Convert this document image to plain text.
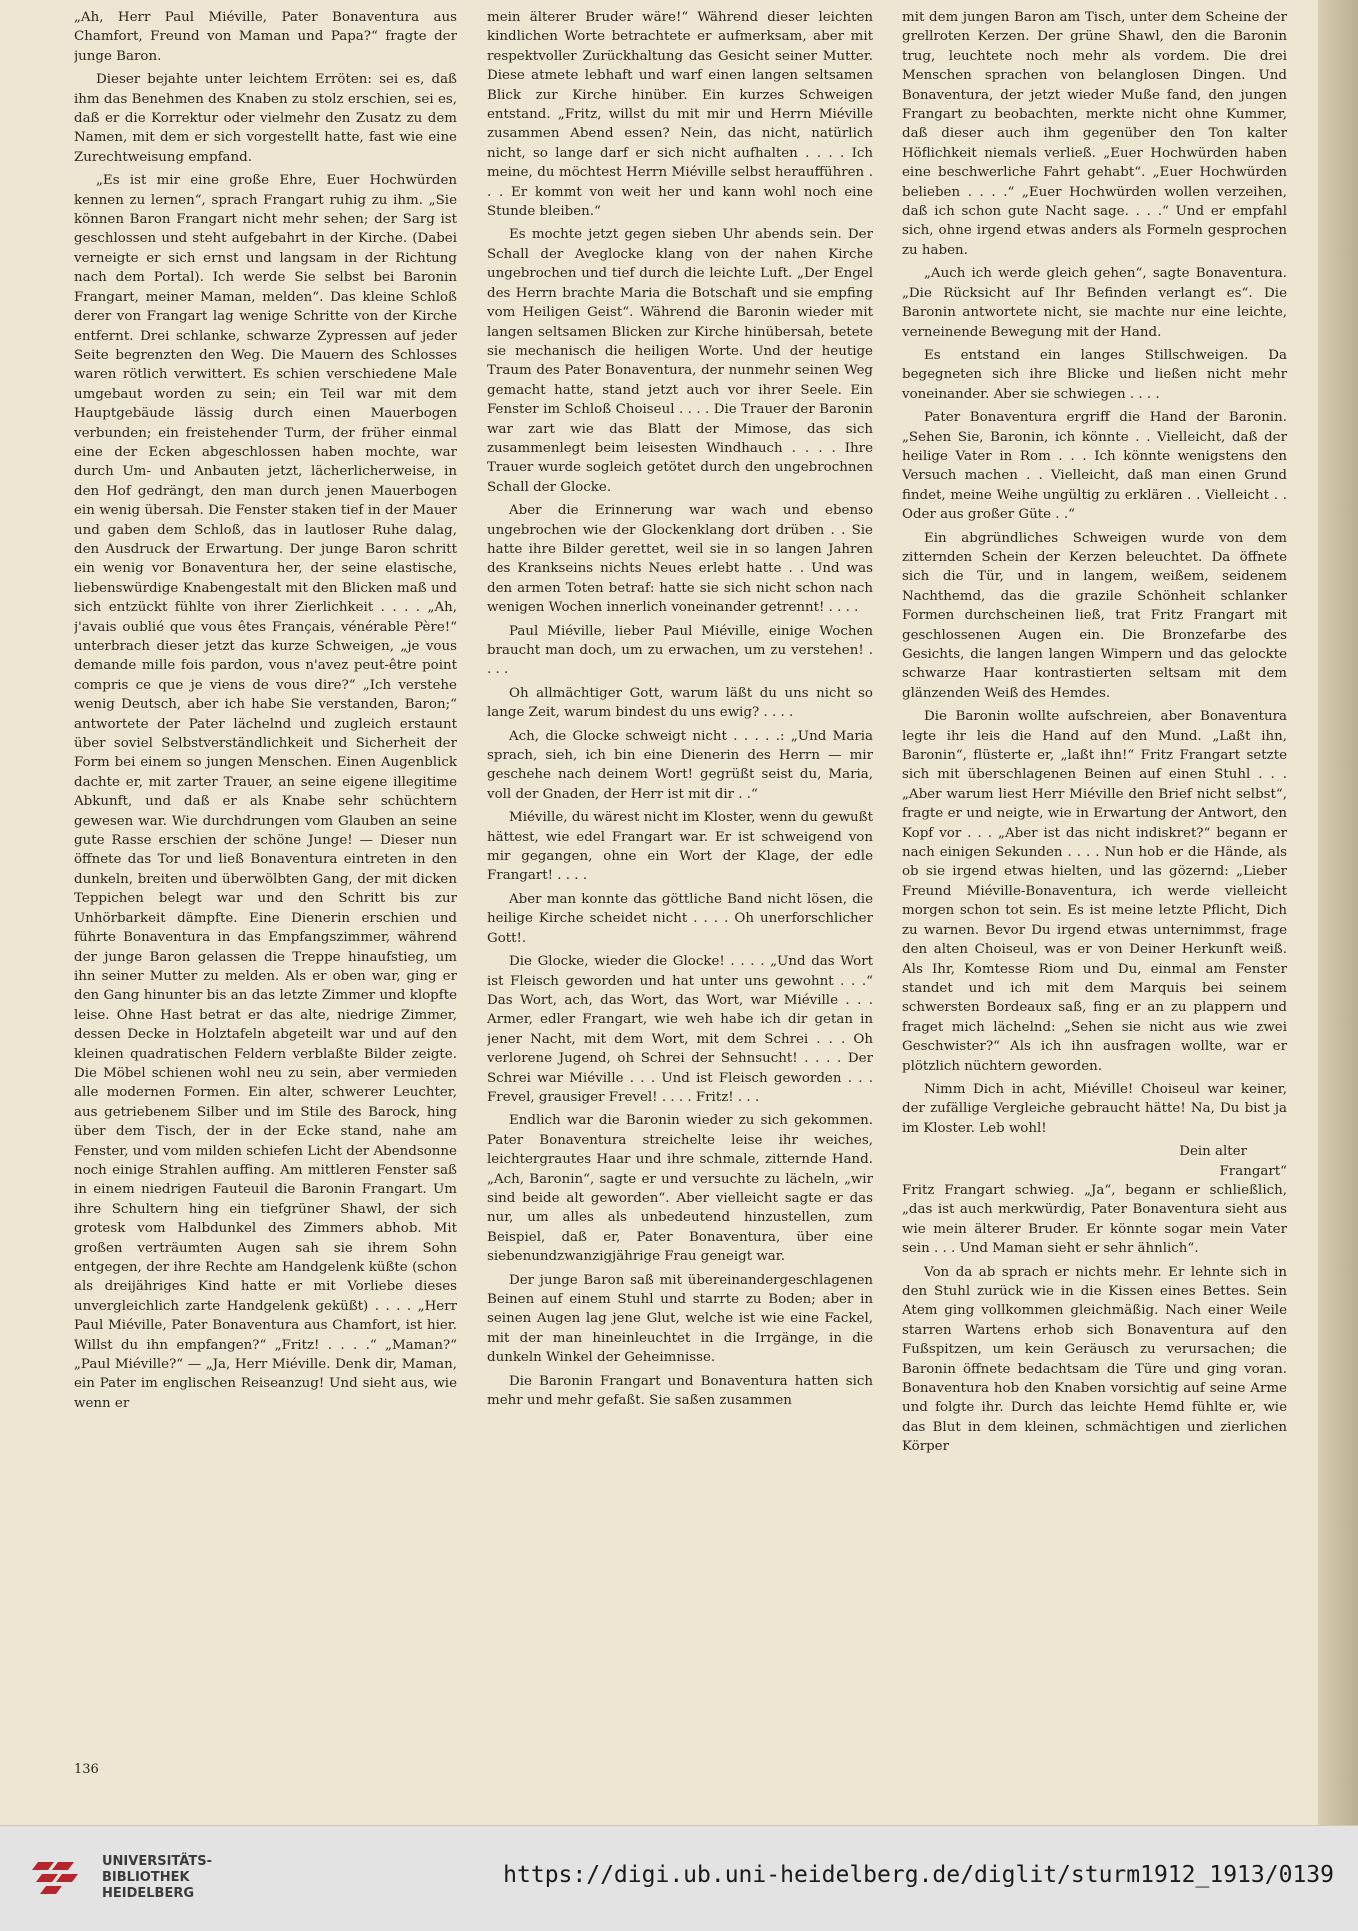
„Ah, Herr Paul Miéville, Pater Bonaventura aus Chamfort, Freund von Maman und Papa?“ fragte der junge Baron.

Dieser bejahte unter leichtem Erröten: sei es, daß ihm das Benehmen des Knaben zu stolz erschien, sei es, daß er die Korrektur oder vielmehr den Zusatz zu dem Namen, mit dem er sich vorgestellt hatte, fast wie eine Zurechtweisung empfand.

„Es ist mir eine große Ehre, Euer Hochwürden kennen zu lernen“, sprach Frangart ruhig zu ihm. „Sie können Baron Frangart nicht mehr sehen; der Sarg ist geschlossen und steht aufgebahrt in der Kirche. (Dabei verneigte er sich ernst und langsam in der Richtung nach dem Portal). Ich werde Sie selbst bei Baronin Frangart, meiner Maman, melden“. Das kleine Schloß derer von Frangart lag wenige Schritte von der Kirche entfernt. Drei schlanke, schwarze Zypressen auf jeder Seite begrenzten den Weg. Die Mauern des Schlosses waren rötlich verwittert. Es schien verschiedene Male umgebaut worden zu sein; ein Teil war mit dem Hauptgebäude lässig durch einen Mauerbogen verbunden; ein freistehender Turm, der früher einmal eine der Ecken abgeschlossen haben mochte, war durch Um- und Anbauten jetzt, lächerlicherweise, in den Hof gedrängt, den man durch jenen Mauerbogen ein wenig übersah. Die Fenster staken tief in der Mauer und gaben dem Schloß, das in lautloser Ruhe dalag, den Ausdruck der Erwartung. Der junge Baron schritt ein wenig vor Bonaventura her, der seine elastische, liebenswürdige Knabengestalt mit den Blicken maß und sich entzückt fühlte von ihrer Zierlichkeit . . . . „Ah, j'avais oublié que vous êtes Français, vénérable Père!“ unterbrach dieser jetzt das kurze Schweigen, „je vous demande mille fois pardon, vous n'avez peut-être point compris ce que je viens de vous dire?“ „Ich verstehe wenig Deutsch, aber ich habe Sie verstanden, Baron;“ antwortete der Pater lächelnd und zugleich erstaunt über soviel Selbstverständlichkeit und Sicherheit der Form bei einem so jungen Menschen. Einen Augenblick dachte er, mit zarter Trauer, an seine eigene illegitime Abkunft, und daß er als Knabe sehr schüchtern gewesen war. Wie durchdrungen vom Glauben an seine gute Rasse erschien der schöne Junge! — Dieser nun öffnete das Tor und ließ Bonaventura eintreten in den dunkeln, breiten und überwölbten Gang, der mit dicken Teppichen belegt war und den Schritt bis zur Unhörbarkeit dämpfte. Eine Dienerin erschien und führte Bonaventura in das Empfangszimmer, während der junge Baron gelassen die Treppe hinaufstieg, um ihn seiner Mutter zu melden. Als er oben war, ging er den Gang hinunter bis an das letzte Zimmer und klopfte leise. Ohne Hast betrat er das alte, niedrige Zimmer, dessen Decke in Holztafeln abgeteilt war und auf den kleinen quadratischen Feldern verblaßte Bilder zeigte. Die Möbel schienen wohl neu zu sein, aber vermieden alle modernen Formen. Ein alter, schwerer Leuchter, aus getriebenem Silber und im Stile des Barock, hing über dem Tisch, der in der Ecke stand, nahe am Fenster, und vom milden schiefen Licht der Abendsonne noch einige Strahlen auffing. Am mittleren Fenster saß in einem niedrigen Fauteuil die Baronin Frangart. Um ihre Schultern hing ein tiefgrüner Shawl, der sich grotesk vom Halbdunkel des Zimmers abhob. Mit großen verträumten Augen sah sie ihrem Sohn entgegen, der ihre Rechte am Handgelenk küßte (schon als dreijähriges Kind hatte er mit Vorliebe dieses unvergleichlich zarte Handgelenk geküßt) . . . . „Herr Paul Miéville, Pater Bonaventura aus Chamfort, ist hier. Willst du ihn empfangen?“ „Fritz! . . . .“ „Maman?“ „Paul Miéville?“ — „Ja, Herr Miéville. Denk dir, Maman, ein Pater im englischen Reiseanzug! Und sieht aus, wie wenn er

mein älterer Bruder wäre!“ Während dieser leichten kindlichen Worte betrachtete er aufmerksam, aber mit respektvoller Zurückhaltung das Gesicht seiner Mutter. Diese atmete lebhaft und warf einen langen seltsamen Blick zur Kirche hinüber. Ein kurzes Schweigen entstand. „Fritz, willst du mit mir und Herrn Miéville zusammen Abend essen? Nein, das nicht, natürlich nicht, so lange darf er sich nicht aufhalten . . . . Ich meine, du möchtest Herrn Miéville selbst heraufführen . . . Er kommt von weit her und kann wohl noch eine Stunde bleiben.“

Es mochte jetzt gegen sieben Uhr abends sein. Der Schall der Aveglocke klang von der nahen Kirche ungebrochen und tief durch die leichte Luft. „Der Engel des Herrn brachte Maria die Botschaft und sie empfing vom Heiligen Geist“. Während die Baronin wieder mit langen seltsamen Blicken zur Kirche hinübersah, betete sie mechanisch die heiligen Worte. Und der heutige Traum des Pater Bonaventura, der nunmehr seinen Weg gemacht hatte, stand jetzt auch vor ihrer Seele. Ein Fenster im Schloß Choiseul . . . . Die Trauer der Baronin war zart wie das Blatt der Mimose, das sich zusammenlegt beim leisesten Windhauch . . . . Ihre Trauer wurde sogleich getötet durch den ungebrochnen Schall der Glocke.

Aber die Erinnerung war wach und ebenso ungebrochen wie der Glockenklang dort drüben . . Sie hatte ihre Bilder gerettet, weil sie in so langen Jahren des Krankseins nichts Neues erlebt hatte . . Und was den armen Toten betraf: hatte sie sich nicht schon nach wenigen Wochen innerlich voneinander getrennt! . . . .

Paul Miéville, lieber Paul Miéville, einige Wochen braucht man doch, um zu erwachen, um zu verstehen! . . . .

Oh allmächtiger Gott, warum läßt du uns nicht so lange Zeit, warum bindest du uns ewig? . . . .

Ach, die Glocke schweigt nicht . . . . .: „Und Maria sprach, sieh, ich bin eine Dienerin des Herrn — mir geschehe nach deinem Wort! gegrüßt seist du, Maria, voll der Gnaden, der Herr ist mit dir . .“

Miéville, du wärest nicht im Kloster, wenn du gewußt hättest, wie edel Frangart war. Er ist schweigend von mir gegangen, ohne ein Wort der Klage, der edle Frangart! . . . .

Aber man konnte das göttliche Band nicht lösen, die heilige Kirche scheidet nicht . . . . Oh unerforschlicher Gott!.

Die Glocke, wieder die Glocke! . . . . „Und das Wort ist Fleisch geworden und hat unter uns gewohnt . . .“ Das Wort, ach, das Wort, das Wort, war Miéville . . . Armer, edler Frangart, wie weh habe ich dir getan in jener Nacht, mit dem Wort, mit dem Schrei . . . Oh verlorene Jugend, oh Schrei der Sehnsucht! . . . . Der Schrei war Miéville . . . Und ist Fleisch geworden . . . Frevel, grausiger Frevel! . . . . Fritz! . . .

Endlich war die Baronin wieder zu sich gekommen. Pater Bonaventura streichelte leise ihr weiches, leichtergrautes Haar und ihre schmale, zitternde Hand. „Ach, Baronin“, sagte er und versuchte zu lächeln, „wir sind beide alt geworden“. Aber vielleicht sagte er das nur, um alles als unbedeutend hinzustellen, zum Beispiel, daß er, Pater Bonaventura, über eine siebenundzwanzigjährige Frau geneigt war.

Der junge Baron saß mit übereinandergeschlagenen Beinen auf einem Stuhl und starrte zu Boden; aber in seinen Augen lag jene Glut, welche ist wie eine Fackel, mit der man hineinleuchtet in die Irrgänge, in die dunkeln Winkel der Geheimnisse.

Die Baronin Frangart und Bonaventura hatten sich mehr und mehr gefaßt. Sie saßen zusammen

mit dem jungen Baron am Tisch, unter dem Scheine der grellroten Kerzen. Der grüne Shawl, den die Baronin trug, leuchtete noch mehr als vordem. Die drei Menschen sprachen von belanglosen Dingen. Und Bonaventura, der jetzt wieder Muße fand, den jungen Frangart zu beobachten, merkte nicht ohne Kummer, daß dieser auch ihm gegenüber den Ton kalter Höflichkeit niemals verließ. „Euer Hochwürden haben eine beschwerliche Fahrt gehabt“. „Euer Hochwürden belieben . . . .“ „Euer Hochwürden wollen verzeihen, daß ich schon gute Nacht sage. . . .“ Und er empfahl sich, ohne irgend etwas anders als Formeln gesprochen zu haben.

„Auch ich werde gleich gehen“, sagte Bonaventura. „Die Rücksicht auf Ihr Befinden verlangt es“. Die Baronin antwortete nicht, sie machte nur eine leichte, verneinende Bewegung mit der Hand.

Es entstand ein langes Stillschweigen. Da begegneten sich ihre Blicke und ließen nicht mehr voneinander. Aber sie schwiegen . . . .

Pater Bonaventura ergriff die Hand der Baronin. „Sehen Sie, Baronin, ich könnte . . Vielleicht, daß der heilige Vater in Rom . . . Ich könnte wenigstens den Versuch machen . . Vielleicht, daß man einen Grund findet, meine Weihe ungültig zu erklären . . Vielleicht . . Oder aus großer Güte . .“

Ein abgründliches Schweigen wurde von dem zitternden Schein der Kerzen beleuchtet. Da öffnete sich die Tür, und in langem, weißem, seidenem Nachthemd, das die grazile Schönheit schlanker Formen durchscheinen ließ, trat Fritz Frangart mit geschlossenen Augen ein. Die Bronzefarbe des Gesichts, die langen langen Wimpern und das gelockte schwarze Haar kontrastierten seltsam mit dem glänzenden Weiß des Hemdes.

Die Baronin wollte aufschreien, aber Bonaventura legte ihr leis die Hand auf den Mund. „Laßt ihn, Baronin“, flüsterte er, „laßt ihn!“ Fritz Frangart setzte sich mit überschlagenen Beinen auf einen Stuhl . . . „Aber warum liest Herr Miéville den Brief nicht selbst“, fragte er und neigte, wie in Erwartung der Antwort, den Kopf vor . . . „Aber ist das nicht indiskret?“ begann er nach einigen Sekunden . . . . Nun hob er die Hände, als ob sie irgend etwas hielten, und las gözernd: „Lieber Freund Miéville-Bonaventura, ich werde vielleicht morgen schon tot sein. Es ist meine letzte Pflicht, Dich zu warnen. Bevor Du irgend etwas unternimmst, frage den alten Choiseul, was er von Deiner Herkunft weiß. Als Ihr, Komtesse Riom und Du, einmal am Fenster standet und ich mit dem Marquis bei seinem schwersten Bordeaux saß, fing er an zu plappern und fraget mich lächelnd: „Sehen sie nicht aus wie zwei Geschwister?“ Als ich ihn ausfragen wollte, war er plötzlich nüchtern geworden.

Nimm Dich in acht, Miéville! Choiseul war keiner, der zufällige Vergleiche gebraucht hätte! Na, Du bist ja im Kloster. Leb wohl!

Dein alter

Frangart“

Fritz Frangart schwieg. „Ja“, begann er schließlich, „das ist auch merkwürdig, Pater Bonaventura sieht aus wie mein älterer Bruder. Er könnte sogar mein Vater sein . . . Und Maman sieht er sehr ähnlich“.

Von da ab sprach er nichts mehr. Er lehnte sich in den Stuhl zurück wie in die Kissen eines Bettes. Sein Atem ging vollkommen gleichmäßig. Nach einer Weile starren Wartens erhob sich Bonaventura auf den Fußspitzen, um kein Geräusch zu verursachen; die Baronin öffnete bedachtsam die Türe und ging voran. Bonaventura hob den Knaben vorsichtig auf seine Arme und folgte ihr. Durch das leichte Hemd fühlte er, wie das Blut in dem kleinen, schmächtigen und zierlichen Körper

136
UNIVERSITÄTS-
BIBLIOTHEK
HEIDELBERG
https://digi.ub.uni-heidelberg.de/diglit/sturm1912_1913/0139
